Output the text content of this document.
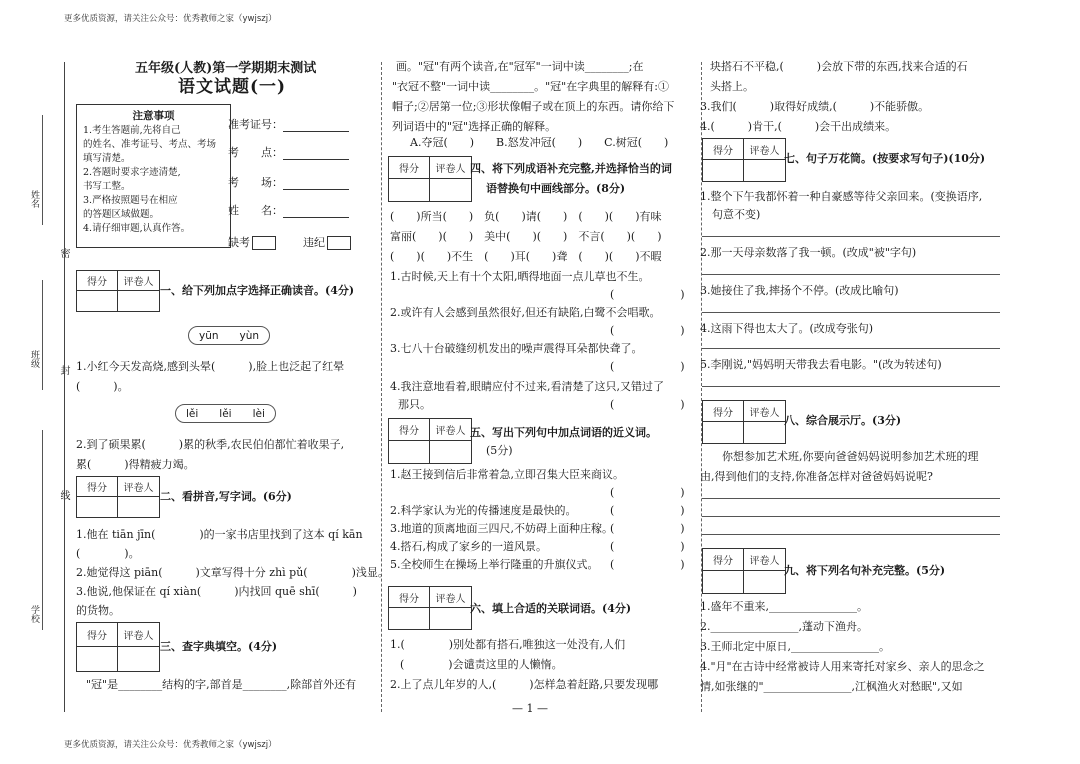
更多优质资源，请关注公众号：优秀教师之家（ywjszj）
更多优质资源，请关注公众号：优秀教师之家（ywjszj）
姓名
班级
学校
五年级(人教)第一学期期末测试
语文试题(一)
注意事项
1.考生答题前,先将自己
的姓名、准考证号、考点、考场
填写清楚。
2.答题时要求字迹清楚,
书写工整。
3.严格按照题号在相应
的答题区域做题。
4.请仔细审题,认真作答。
准考证号：
考　　点：
考　　场：
姓　　名：
缺考	违纪
得分	评卷人
一、给下列加点字选择正确读音。(4分)
yūn　　yùn
1.小红今天发高烧,感到头晕(　　　),脸上也泛起了红晕
(　　　)。
lěi　　lěi　　lèi
2.到了硕果累(　　　)累的秋季,农民伯伯都忙着收果子,
累(　　　)得精疲力竭。
得分	评卷人
二、看拼音,写字词。(6分)
1.他在 tiān jīn(　　　　)的一家书店里找到了这本 qí kān
(　　　　)。
2.她觉得这 piān(　　　)文章写得十分 zhì pǔ(　　　　)浅显。
3.他说,他保证在 qí xiàn(　　　)内找回 quē shī(　　　)
的货物。
得分	评卷人
三、查字典填空。(4分)
"冠"是________结构的字,部首是________,除部首外还有
画。"冠"有两个读音,在"冠军"一词中读________;在
"衣冠不整"一词中读________。"冠"在字典里的解释有:①
帽子;②居第一位;③形状像帽子或在顶上的东西。请你给下
列词语中的"冠"选择正确的解释。
A.夺冠(　　)　　B.怒发冲冠(　　)　　C.树冠(　　)
得分	评卷人 四、将下列成语补充完整,并选择恰当的词
语替换句中画线部分。(8分)
(　　)所当(　　)　负(　　)请(　　)　(　　)(　　)有味
富丽(　　)(　　)　美中(　　)(　　)　不言(　　)(　　)
(　　)(　　)不生　(　　)耳(　　)聋　(　　)(　　)不暇
1.古时候,天上有十个太阳,晒得地面一点儿草也不生。
(　　　　　　)
2.或许有人会感到虽然很好,但还有缺陷,白鹭不会唱歌。
(　　　　　　)
3.七八十台破缝纫机发出的噪声震得耳朵都快聋了。
(　　　　　　)
4.我注意地看着,眼睛应付不过来,看清楚了这只,又错过了
那只。	(　　　　　　)
得分	评卷人 五、写出下列句中加点词语的近义词。
(5分)
1.赵王接到信后非常着急,立即召集大臣来商议。
(　　　　　　)
2.科学家认为光的传播速度是最快的。	(　　　　　　)
3.地道的顶离地面三四尺,不妨碍上面种庄稼。
(　　　　　　)
4.搭石,构成了家乡的一道风景。	(　　　　　　)
5.全校师生在操场上举行隆重的升旗仪式。 (　　　　　　)
得分	评卷人
六、填上合适的关联词语。(4分)
1.(　　　　)别处都有搭石,唯独这一处没有,人们
(　　　　)会谴责这里的人懒惰。
2.上了点儿年岁的人,(　　　)怎样急着赶路,只要发现哪
— 1 —
块搭石不平稳,(　　　)会放下带的东西,找来合适的石
头搭上。
3.我们(　　　)取得好成绩,(　　　)不能骄傲。
4.(　　　)肯干,(　　　)会干出成绩来。
得分	评卷人
七、句子万花筒。(按要求写句子)(10分)
1.整个下午我都怀着一种自豪感等待父亲回来。(变换语序,
句意不变)
2.那一天母亲数落了我一顿。(改成"被"字句)
3.她接住了我,摔扬个不停。(改成比喻句)
4.这雨下得也太大了。(改成夸张句)
5.李刚说,"妈妈明天带我去看电影。"(改为转述句)
得分	评卷人
八、综合展示厅。(3分)
　　你想参加艺术班,你要向爸爸妈妈说明参加艺术班的理
由,得到他们的支持,你准备怎样对爸爸妈妈说呢?
得分	评卷人
九、将下列名句补充完整。(5分)
1.盛年不重来,________________。
2.________________,蓬动下渔舟。
3.王师北定中原日,________________。
4."月"在古诗中经常被诗人用来寄托对家乡、亲人的思念之
情,如张继的"________________,江枫渔火对愁眠",又如
